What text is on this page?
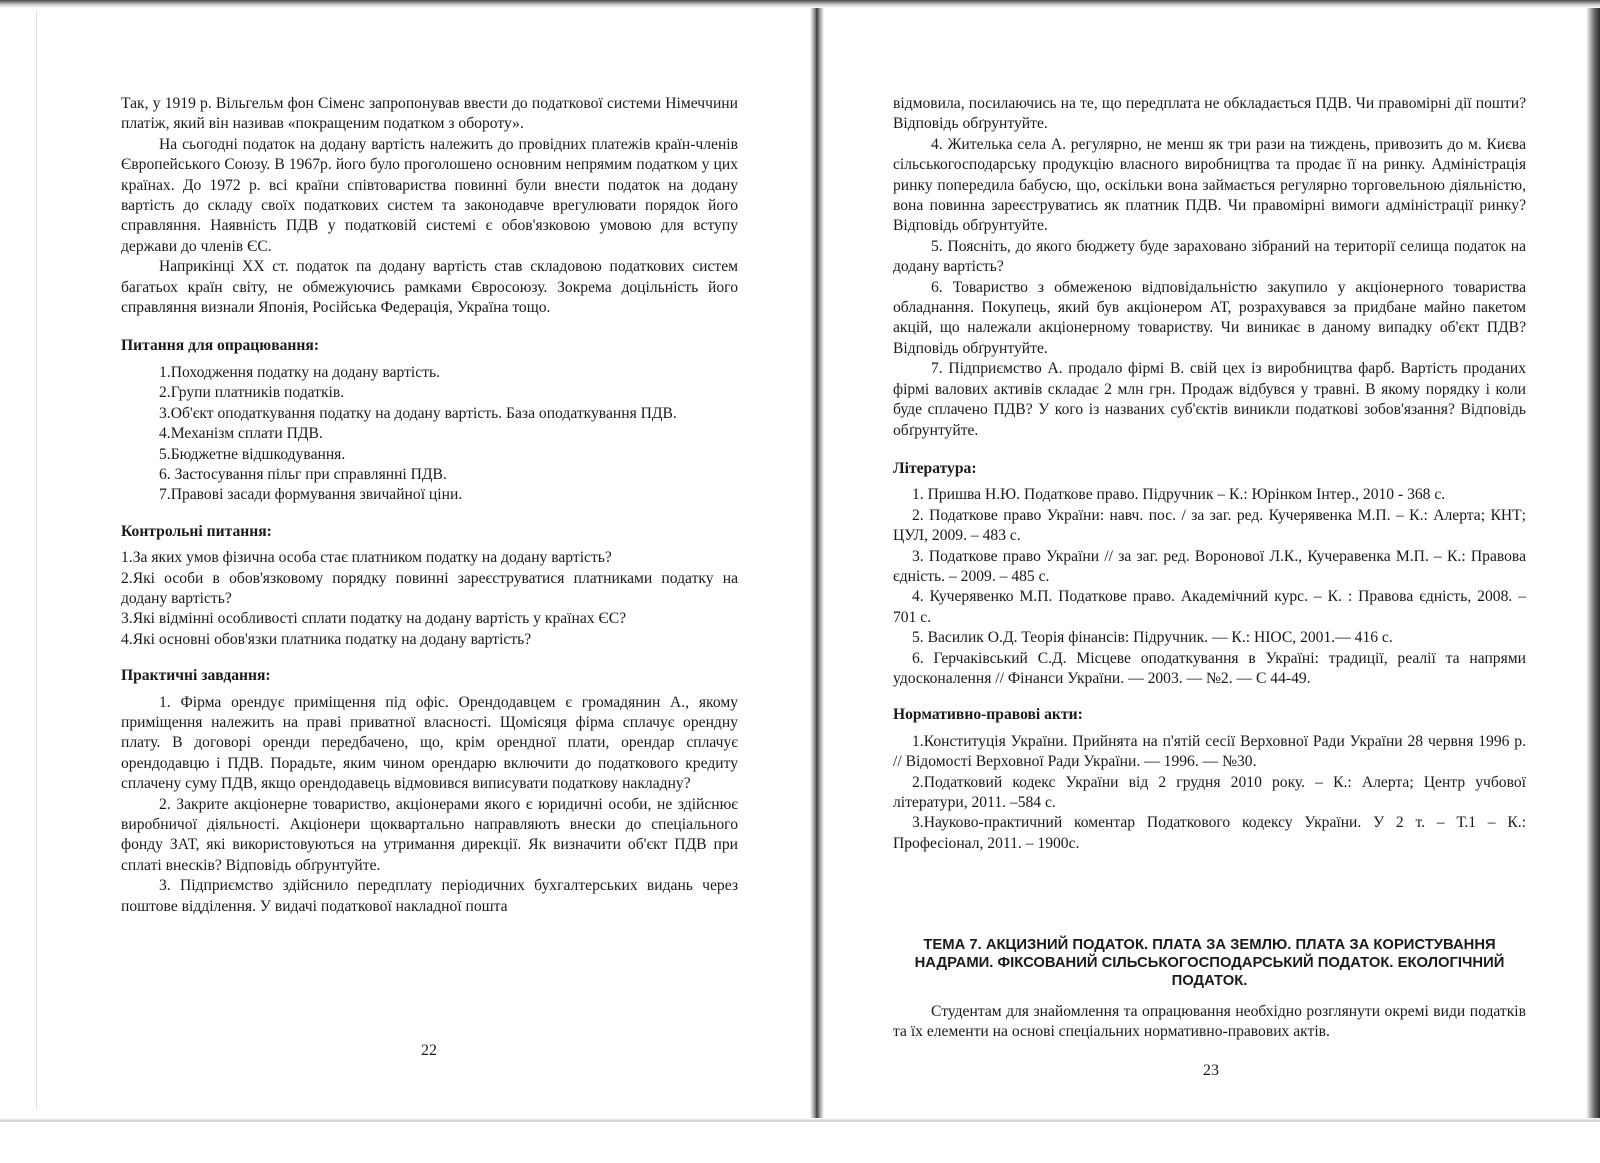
Так, у 1919 р. Вільгельм фон Сіменс запропонував ввести до податкової системи Німеччини платіж, який він називав «покращеним податком з обороту».

На сьогодні податок на додану вартість належить до провідних платежів країн-членів Європейського Союзу. В 1967р. його було проголошено основним непрямим податком у цих країнах. До 1972 р. всі країни співтовариства повинні були внести податок на додану вартість до складу своїх податкових систем та законодавче врегулювати порядок його справляння. Наявність ПДВ у податковій системі є обов'язковою умовою для вступу держави до членів ЄС.

Наприкінці ХХ ст. податок па додану вартість став складовою податкових систем багатьох країн світу, не обмежуючись рамками Євросоюзу. Зокрема доцільність його справляння визнали Японія, Російська Федерація, Україна тощо.

Питання для опрацювання:

1.Походження податку на додану вартість.

2.Групи платників податків.

3.Об'єкт оподаткування податку на додану вартість. База оподаткування ПДВ.

4.Механізм сплати ПДВ.

5.Бюджетне відшкодування.

6. Застосування пільг при справлянні ПДВ.

7.Правові засади формування звичайної ціни.

Контрольні питання:

1.За яких умов фізична особа стає платником податку на додану вартість?

2.Які особи в обов'язковому порядку повинні зареєструватися платниками податку на додану вартість?

3.Які відмінні особливості сплати податку на додану вартість у країнах ЄС?

4.Які основні обов'язки платника податку на додану вартість?

Практичні завдання:

1. Фірма орендує приміщення під офіс. Орендодавцем є громадянин А., якому приміщення належить на праві приватної власності. Щомісяця фірма сплачує орендну плату. В договорі оренди передбачено, що, крім орендної плати, орендар сплачує орендодавцю і ПДВ. Порадьте, яким чином орендарю включити до податкового кредиту сплачену суму ПДВ, якщо орендодавець відмовився виписувати податкову накладну?

2. Закрите акціонерне товариство, акціонерами якого є юридичні особи, не здійснює виробничої діяльності. Акціонери щоквартально направляють внески до спеціального фонду ЗАТ, які використовуються на утримання дирекції. Як визначити об'єкт ПДВ при сплаті внесків? Відповідь обґрунтуйте.

3. Підприємство здійснило передплату періодичних бухгалтерських видань через поштове відділення. У видачі податкової накладної пошта

22

відмовила, посилаючись на те, що передплата не обкладається ПДВ. Чи правомірні дії пошти? Відповідь обґрунтуйте.

4. Жителька села А. регулярно, не менш як три рази на тиждень, привозить до м. Києва сільськогосподарську продукцію власного виробництва та продає її на ринку. Адміністрація ринку попередила бабусю, що, оскільки вона займається регулярно торговельною діяльністю, вона повинна зареєструватись як платник ПДВ. Чи правомірні вимоги адміністрації ринку? Відповідь обґрунтуйте.

5. Поясніть, до якого бюджету буде зараховано зібраний на території селища податок на додану вартість?

6. Товариство з обмеженою відповідальністю закупило у акціонерного товариства обладнання. Покупець, який був акціонером АТ, розрахувався за придбане майно пакетом акцій, що належали акціонерному товариству. Чи виникає в даному випадку об'єкт ПДВ? Відповідь обґрунтуйте.

7. Підприємство А. продало фірмі В. свій цех із виробництва фарб. Вартість проданих фірмі валових активів складає 2 млн грн. Продаж відбувся у травні. В якому порядку і коли буде сплачено ПДВ? У кого із названих суб'єктів виникли податкові зобов'язання? Відповідь обґрунтуйте.

Література:

1. Пришва Н.Ю. Податкове право. Підручник – К.: Юрінком Інтер., 2010 - 368 с.

2. Податкове право України: навч. пос. / за заг. ред. Кучерявенка М.П. – К.: Алерта; КНТ; ЦУЛ, 2009. – 483 с.

3. Податкове право України // за заг. ред. Воронової Л.К., Кучеравенка М.П. – К.: Правова єдність. – 2009. – 485 с.

4. Кучерявенко М.П. Податкове право. Академічний курс. – К. : Правова єдність, 2008. – 701 с.

5. Василик О.Д. Теорія фінансів: Підручник. — К.: НІОС, 2001.— 416 с.

6. Герчаківський С.Д. Місцеве оподаткування в Україні: традиції, реалії та напрями удосконалення // Фінанси України. — 2003. — №2. — С 44-49.

Нормативно-правові акти:

1.Конституція України. Прийнята на п'ятій сесії Верховної Ради України 28 червня 1996 р. // Відомості Верховної Ради України. — 1996. — №30.

2.Податковий кодекс України від 2 грудня 2010 року. – К.: Алерта; Центр учбової літератури, 2011. –584 с.

3.Науково-практичний коментар Податкового кодексу України. У 2 т. – Т.1 – К.: Професіонал, 2011. – 1900с.

ТЕМА 7. АКЦИЗНИЙ ПОДАТОК. ПЛАТА ЗА ЗЕМЛЮ. ПЛАТА ЗА КОРИСТУВАННЯ НАДРАМИ. ФІКСОВАНИЙ СІЛЬСЬКОГОСПОДАРСЬКИЙ ПОДАТОК. ЕКОЛОГІЧНИЙ ПОДАТОК.

Студентам для знайомлення та опрацювання необхідно розглянути окремі види податків та їх елементи на основі спеціальних нормативно-правових актів.

23
